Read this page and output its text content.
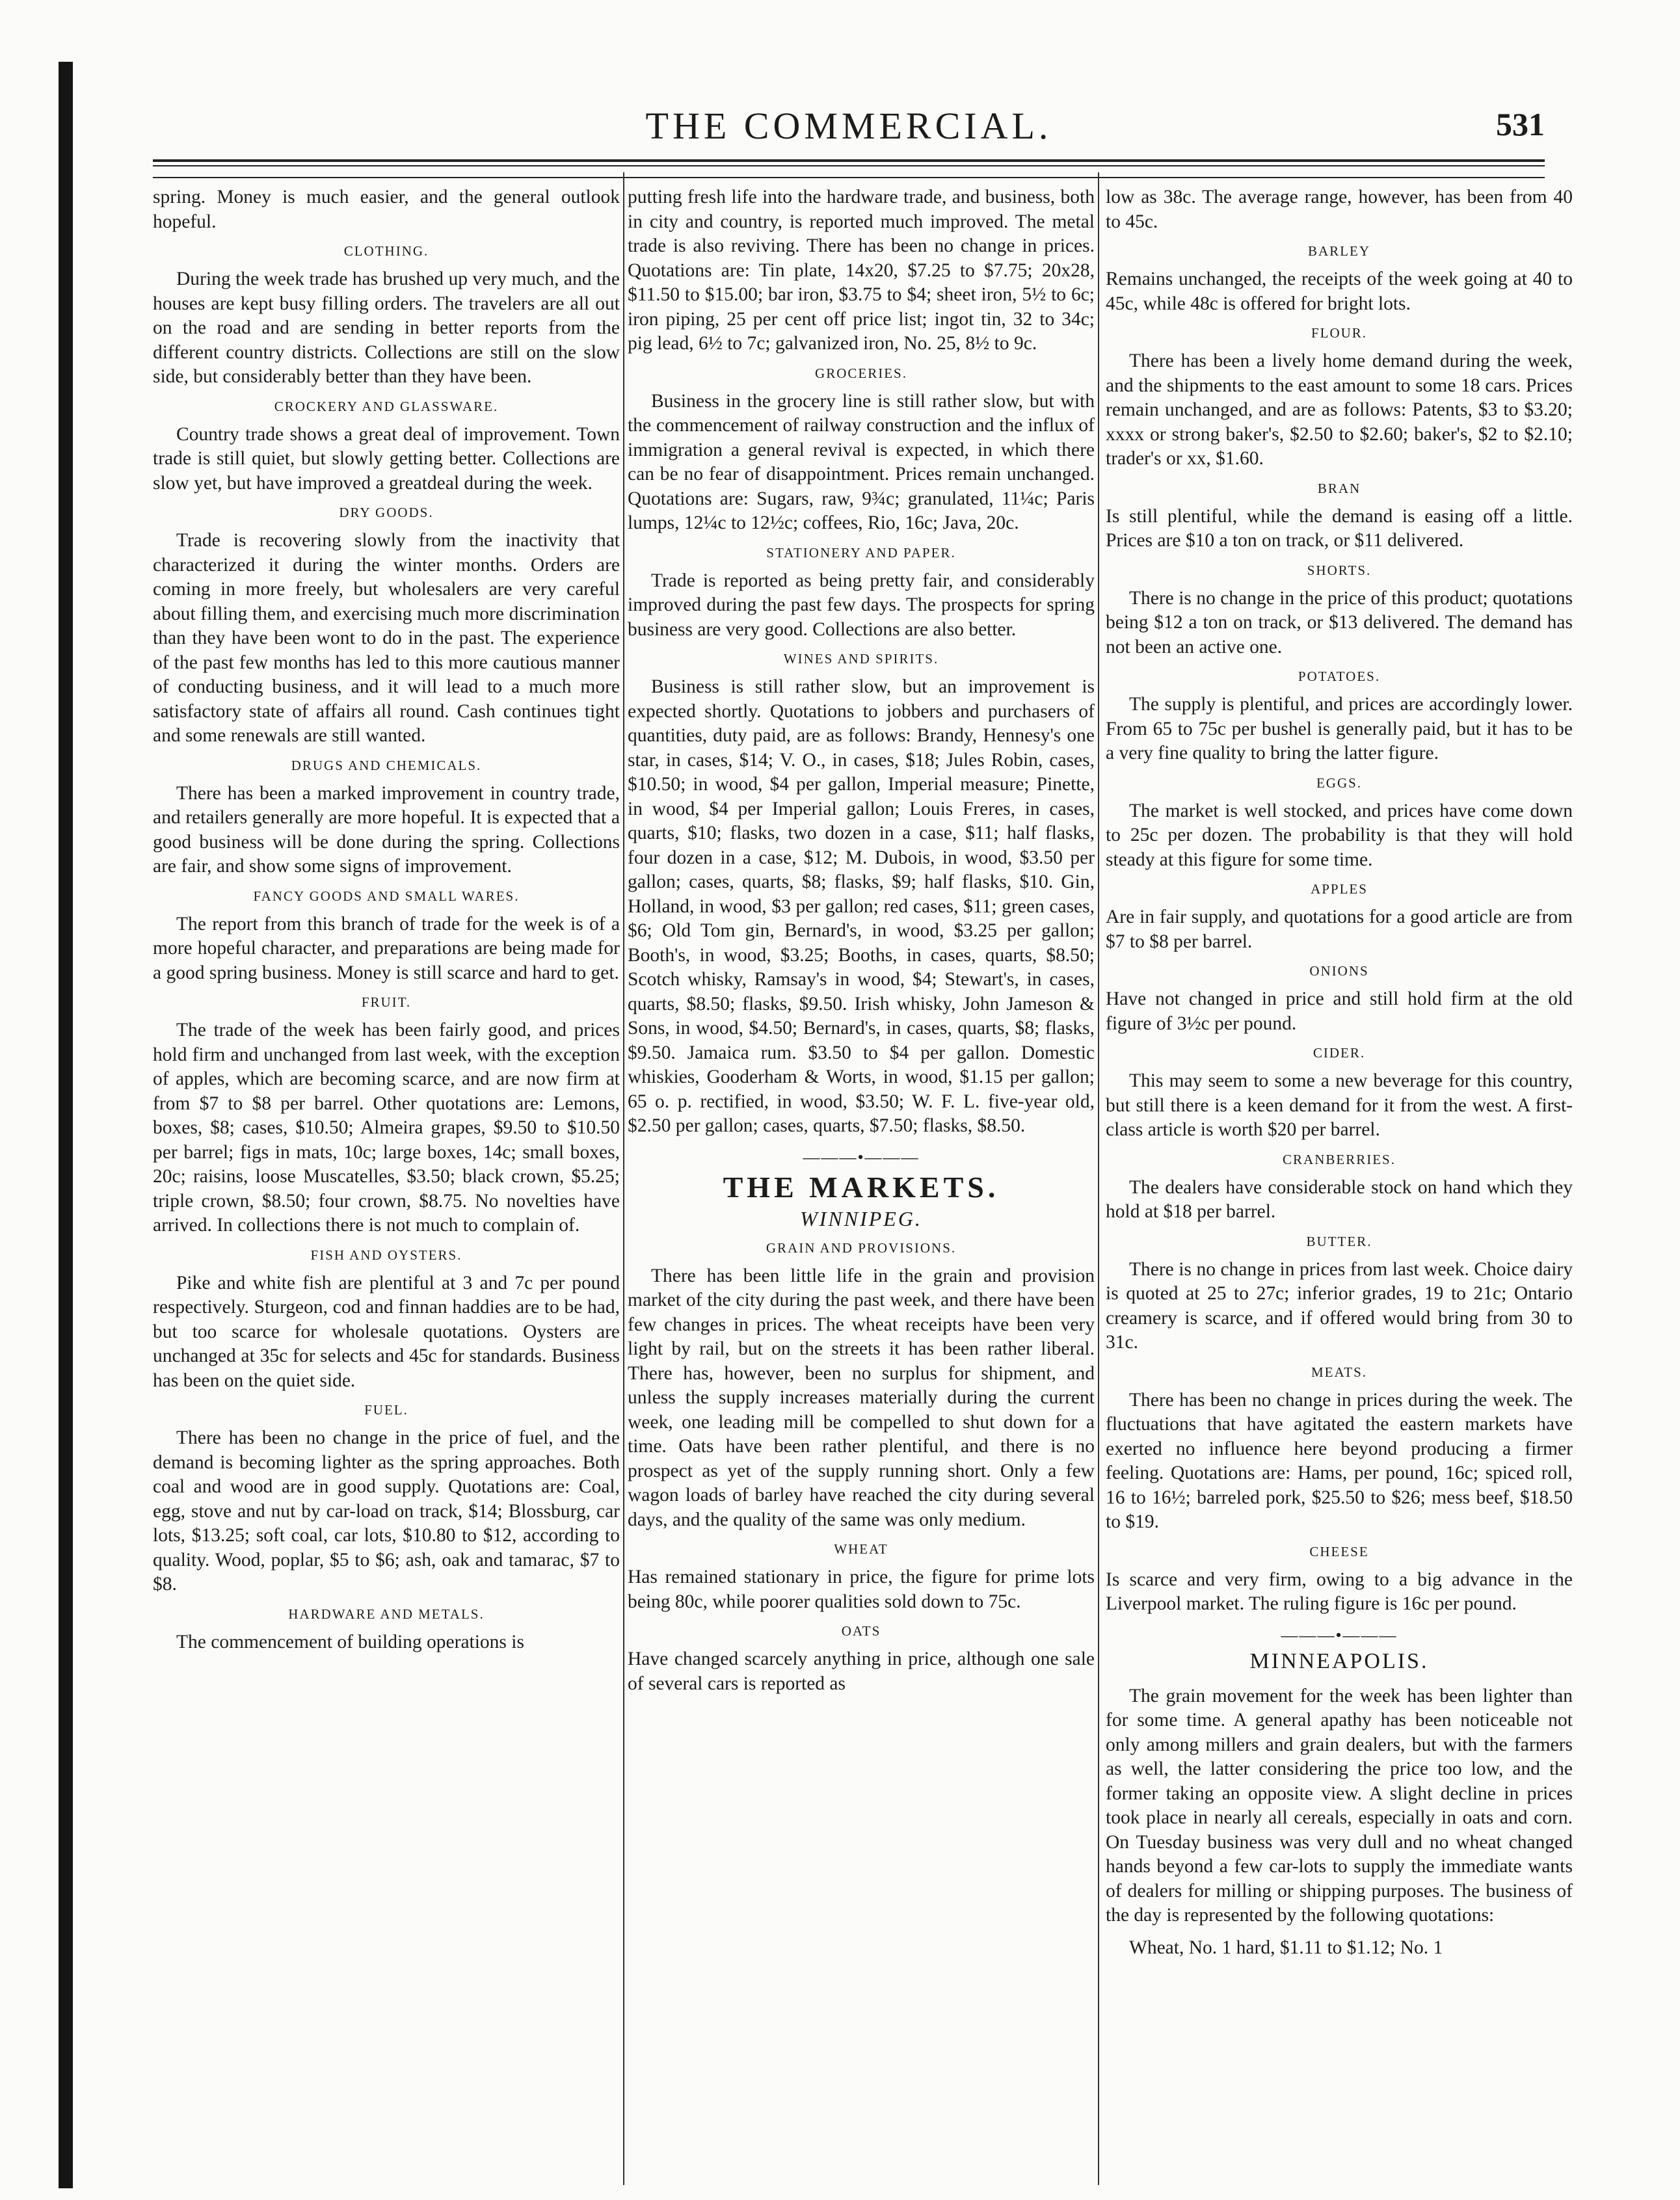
THE COMMERCIAL.	531

spring. Money is much easier, and the general outlook hopeful.

CLOTHING.

During the week trade has brushed up very much, and the houses are kept busy filling orders. The travelers are all out on the road and are sending in better reports from the different country districts. Collections are still on the slow side, but considerably better than they have been.

CROCKERY AND GLASSWARE.

Country trade shows a great deal of improvement. Town trade is still quiet, but slowly getting better. Collections are slow yet, but have improved a greatdeal during the week.

DRY GOODS.

Trade is recovering slowly from the inactivity that characterized it during the winter months. Orders are coming in more freely, but wholesalers are very careful about filling them, and exercising much more discrimination than they have been wont to do in the past. The experience of the past few months has led to this more cautious manner of conducting business, and it will lead to a much more satisfactory state of affairs all round. Cash continues tight and some renewals are still wanted.

DRUGS AND CHEMICALS.

There has been a marked improvement in country trade, and retailers generally are more hopeful. It is expected that a good business will be done during the spring. Collections are fair, and show some signs of improvement.

FANCY GOODS AND SMALL WARES.

The report from this branch of trade for the week is of a more hopeful character, and preparations are being made for a good spring business. Money is still scarce and hard to get.

FRUIT.

The trade of the week has been fairly good, and prices hold firm and unchanged from last week, with the exception of apples, which are becoming scarce, and are now firm at from $7 to $8 per barrel. Other quotations are: Lemons, boxes, $8; cases, $10.50; Almeira grapes, $9.50 to $10.50 per barrel; figs in mats, 10c; large boxes, 14c; small boxes, 20c; raisins, loose Muscatelles, $3.50; black crown, $5.25; triple crown, $8.50; four crown, $8.75. No novelties have arrived. In collections there is not much to complain of.

FISH AND OYSTERS.

Pike and white fish are plentiful at 3 and 7c per pound respectively. Sturgeon, cod and finnan haddies are to be had, but too scarce for wholesale quotations. Oysters are unchanged at 35c for selects and 45c for standards. Business has been on the quiet side.

FUEL.

There has been no change in the price of fuel, and the demand is becoming lighter as the spring approaches. Both coal and wood are in good supply. Quotations are: Coal, egg, stove and nut by car-load on track, $14; Blossburg, car lots, $13.25; soft coal, car lots, $10.80 to $12, according to quality. Wood, poplar, $5 to $6; ash, oak and tamarac, $7 to $8.

HARDWARE AND METALS.

The commencement of building operations is

putting fresh life into the hardware trade, and business, both in city and country, is reported much improved. The metal trade is also reviving. There has been no change in prices. Quotations are: Tin plate, 14x20, $7.25 to $7.75; 20x28, $11.50 to $15.00; bar iron, $3.75 to $4; sheet iron, 5½ to 6c; iron piping, 25 per cent off price list; ingot tin, 32 to 34c; pig lead, 6½ to 7c; galvanized iron, No. 25, 8½ to 9c.

GROCERIES.

Business in the grocery line is still rather slow, but with the commencement of railway construction and the influx of immigration a general revival is expected, in which there can be no fear of disappointment. Prices remain unchanged. Quotations are: Sugars, raw, 9¾c; granulated, 11¼c; Paris lumps, 12¼c to 12½c; coffees, Rio, 16c; Java, 20c.

STATIONERY AND PAPER.

Trade is reported as being pretty fair, and considerably improved during the past few days. The prospects for spring business are very good. Collections are also better.

WINES AND SPIRITS.

Business is still rather slow, but an improvement is expected shortly. Quotations to jobbers and purchasers of quantities, duty paid, are as follows: Brandy, Hennesy's one star, in cases, $14; V. O., in cases, $18; Jules Robin, cases, $10.50; in wood, $4 per gallon, Imperial measure; Pinette, in wood, $4 per Imperial gallon; Louis Freres, in cases, quarts, $10; flasks, two dozen in a case, $11; half flasks, four dozen in a case, $12; M. Dubois, in wood, $3.50 per gallon; cases, quarts, $8; flasks, $9; half flasks, $10. Gin, Holland, in wood, $3 per gallon; red cases, $11; green cases, $6; Old Tom gin, Bernard's, in wood, $3.25 per gallon; Booth's, in wood, $3.25; Booths, in cases, quarts, $8.50; Scotch whisky, Ramsay's in wood, $4; Stewart's, in cases, quarts, $8.50; flasks, $9.50. Irish whisky, John Jameson & Sons, in wood, $4.50; Bernard's, in cases, quarts, $8; flasks, $9.50. Jamaica rum. $3.50 to $4 per gallon. Domestic whiskies, Gooderham & Worts, in wood, $1.15 per gallon; 65 o. p. rectified, in wood, $3.50; W. F. L. five-year old, $2.50 per gallon; cases, quarts, $7.50; flasks, $8.50.

———•———
THE MARKETS.
WINNIPEG.
GRAIN AND PROVISIONS.

There has been little life in the grain and provision market of the city during the past week, and there have been few changes in prices. The wheat receipts have been very light by rail, but on the streets it has been rather liberal. There has, however, been no surplus for shipment, and unless the supply increases materially during the current week, one leading mill be compelled to shut down for a time. Oats have been rather plentiful, and there is no prospect as yet of the supply running short. Only a few wagon loads of barley have reached the city during several days, and the quality of the same was only medium.

WHEAT

Has remained stationary in price, the figure for prime lots being 80c, while poorer qualities sold down to 75c.

OATS

Have changed scarcely anything in price, although one sale of several cars is reported as

low as 38c. The average range, however, has been from 40 to 45c.

BARLEY

Remains unchanged, the receipts of the week going at 40 to 45c, while 48c is offered for bright lots.

FLOUR.

There has been a lively home demand during the week, and the shipments to the east amount to some 18 cars. Prices remain unchanged, and are as follows: Patents, $3 to $3.20; xxxx or strong baker's, $2.50 to $2.60; baker's, $2 to $2.10; trader's or xx, $1.60.

BRAN

Is still plentiful, while the demand is easing off a little. Prices are $10 a ton on track, or $11 delivered.

SHORTS.

There is no change in the price of this product; quotations being $12 a ton on track, or $13 delivered. The demand has not been an active one.

POTATOES.

The supply is plentiful, and prices are accordingly lower. From 65 to 75c per bushel is generally paid, but it has to be a very fine quality to bring the latter figure.

EGGS.

The market is well stocked, and prices have come down to 25c per dozen. The probability is that they will hold steady at this figure for some time.

APPLES

Are in fair supply, and quotations for a good article are from $7 to $8 per barrel.

ONIONS

Have not changed in price and still hold firm at the old figure of 3½c per pound.

CIDER.

This may seem to some a new beverage for this country, but still there is a keen demand for it from the west. A first-class article is worth $20 per barrel.

CRANBERRIES.

The dealers have considerable stock on hand which they hold at $18 per barrel.

BUTTER.

There is no change in prices from last week. Choice dairy is quoted at 25 to 27c; inferior grades, 19 to 21c; Ontario creamery is scarce, and if offered would bring from 30 to 31c.

MEATS.

There has been no change in prices during the week. The fluctuations that have agitated the eastern markets have exerted no influence here beyond producing a firmer feeling. Quotations are: Hams, per pound, 16c; spiced roll, 16 to 16½; barreled pork, $25.50 to $26; mess beef, $18.50 to $19.

CHEESE

Is scarce and very firm, owing to a big advance in the Liverpool market. The ruling figure is 16c per pound.

———•———
MINNEAPOLIS.

The grain movement for the week has been lighter than for some time. A general apathy has been noticeable not only among millers and grain dealers, but with the farmers as well, the latter considering the price too low, and the former taking an opposite view. A slight decline in prices took place in nearly all cereals, especially in oats and corn. On Tuesday business was very dull and no wheat changed hands beyond a few car-lots to supply the immediate wants of dealers for milling or shipping purposes. The business of the day is represented by the following quotations:

Wheat, No. 1 hard, $1.11 to $1.12; No. 1
